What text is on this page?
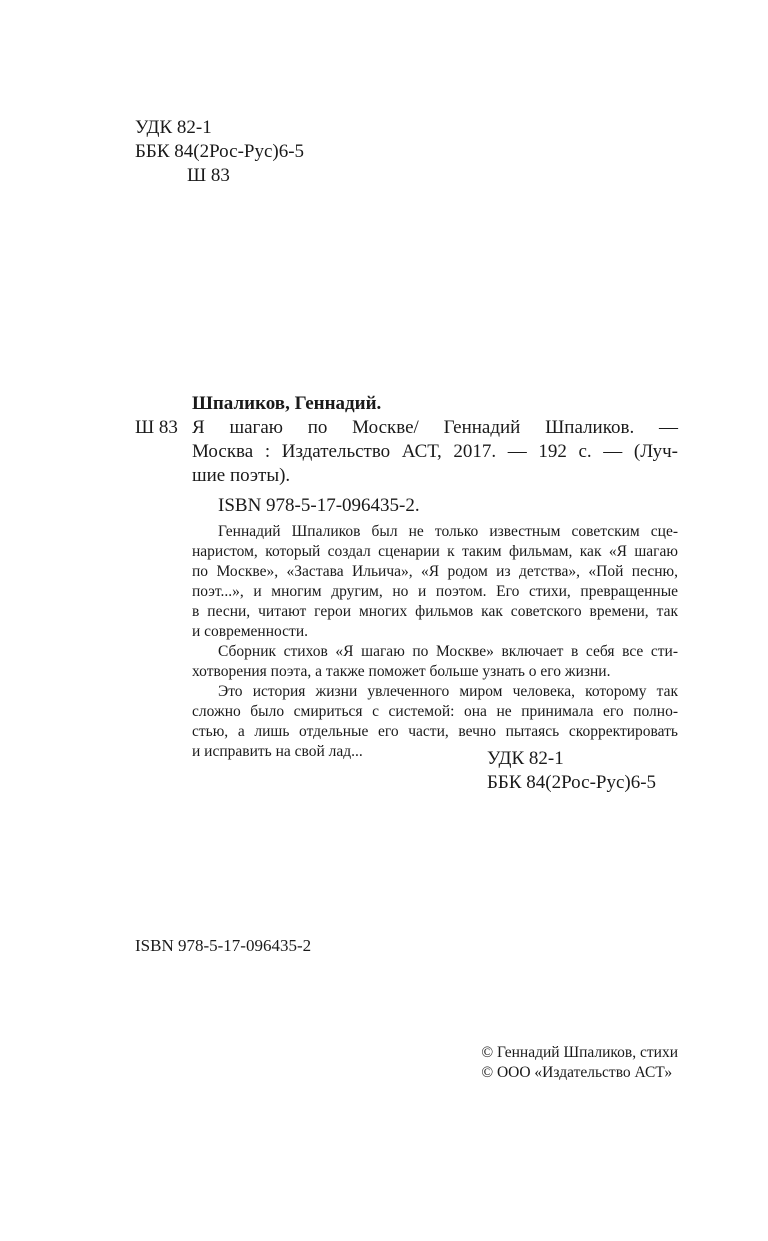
УДК 82-1
ББК 84(2Рос-Рус)6-5
Ш 83
Шпаликов, Геннадий.
Ш 83 Я шагаю по Москве/ Геннадий Шпаликов. —
Москва : Издательство АСТ, 2017. — 192 с. — (Луч-
шие поэты).
ISBN 978-5-17-096435-2.
Геннадий Шпаликов был не только известным советским сце-
наристом, который создал сценарии к таким фильмам, как «Я шагаю
по Москве», «Застава Ильича», «Я родом из детства», «Пой песню,
поэт...», и многим другим, но и поэтом. Его стихи, превращенные
в песни, читают герои многих фильмов как советского времени, так
и современности.
Сборник стихов «Я шагаю по Москве» включает в себя все сти-
хотворения поэта, а также поможет больше узнать о его жизни.
Это история жизни увлеченного миром человека, которому так
сложно было смириться с системой: она не принимала его полно-
стью, а лишь отдельные его части, вечно пытаясь скорректировать
и исправить на свой лад...	УДК 82-1
ББК 84(2Рос-Рус)6-5
ISBN 978-5-17-096435-2
© Геннадий Шпаликов, стихи
© ООО «Издательство АСТ»
